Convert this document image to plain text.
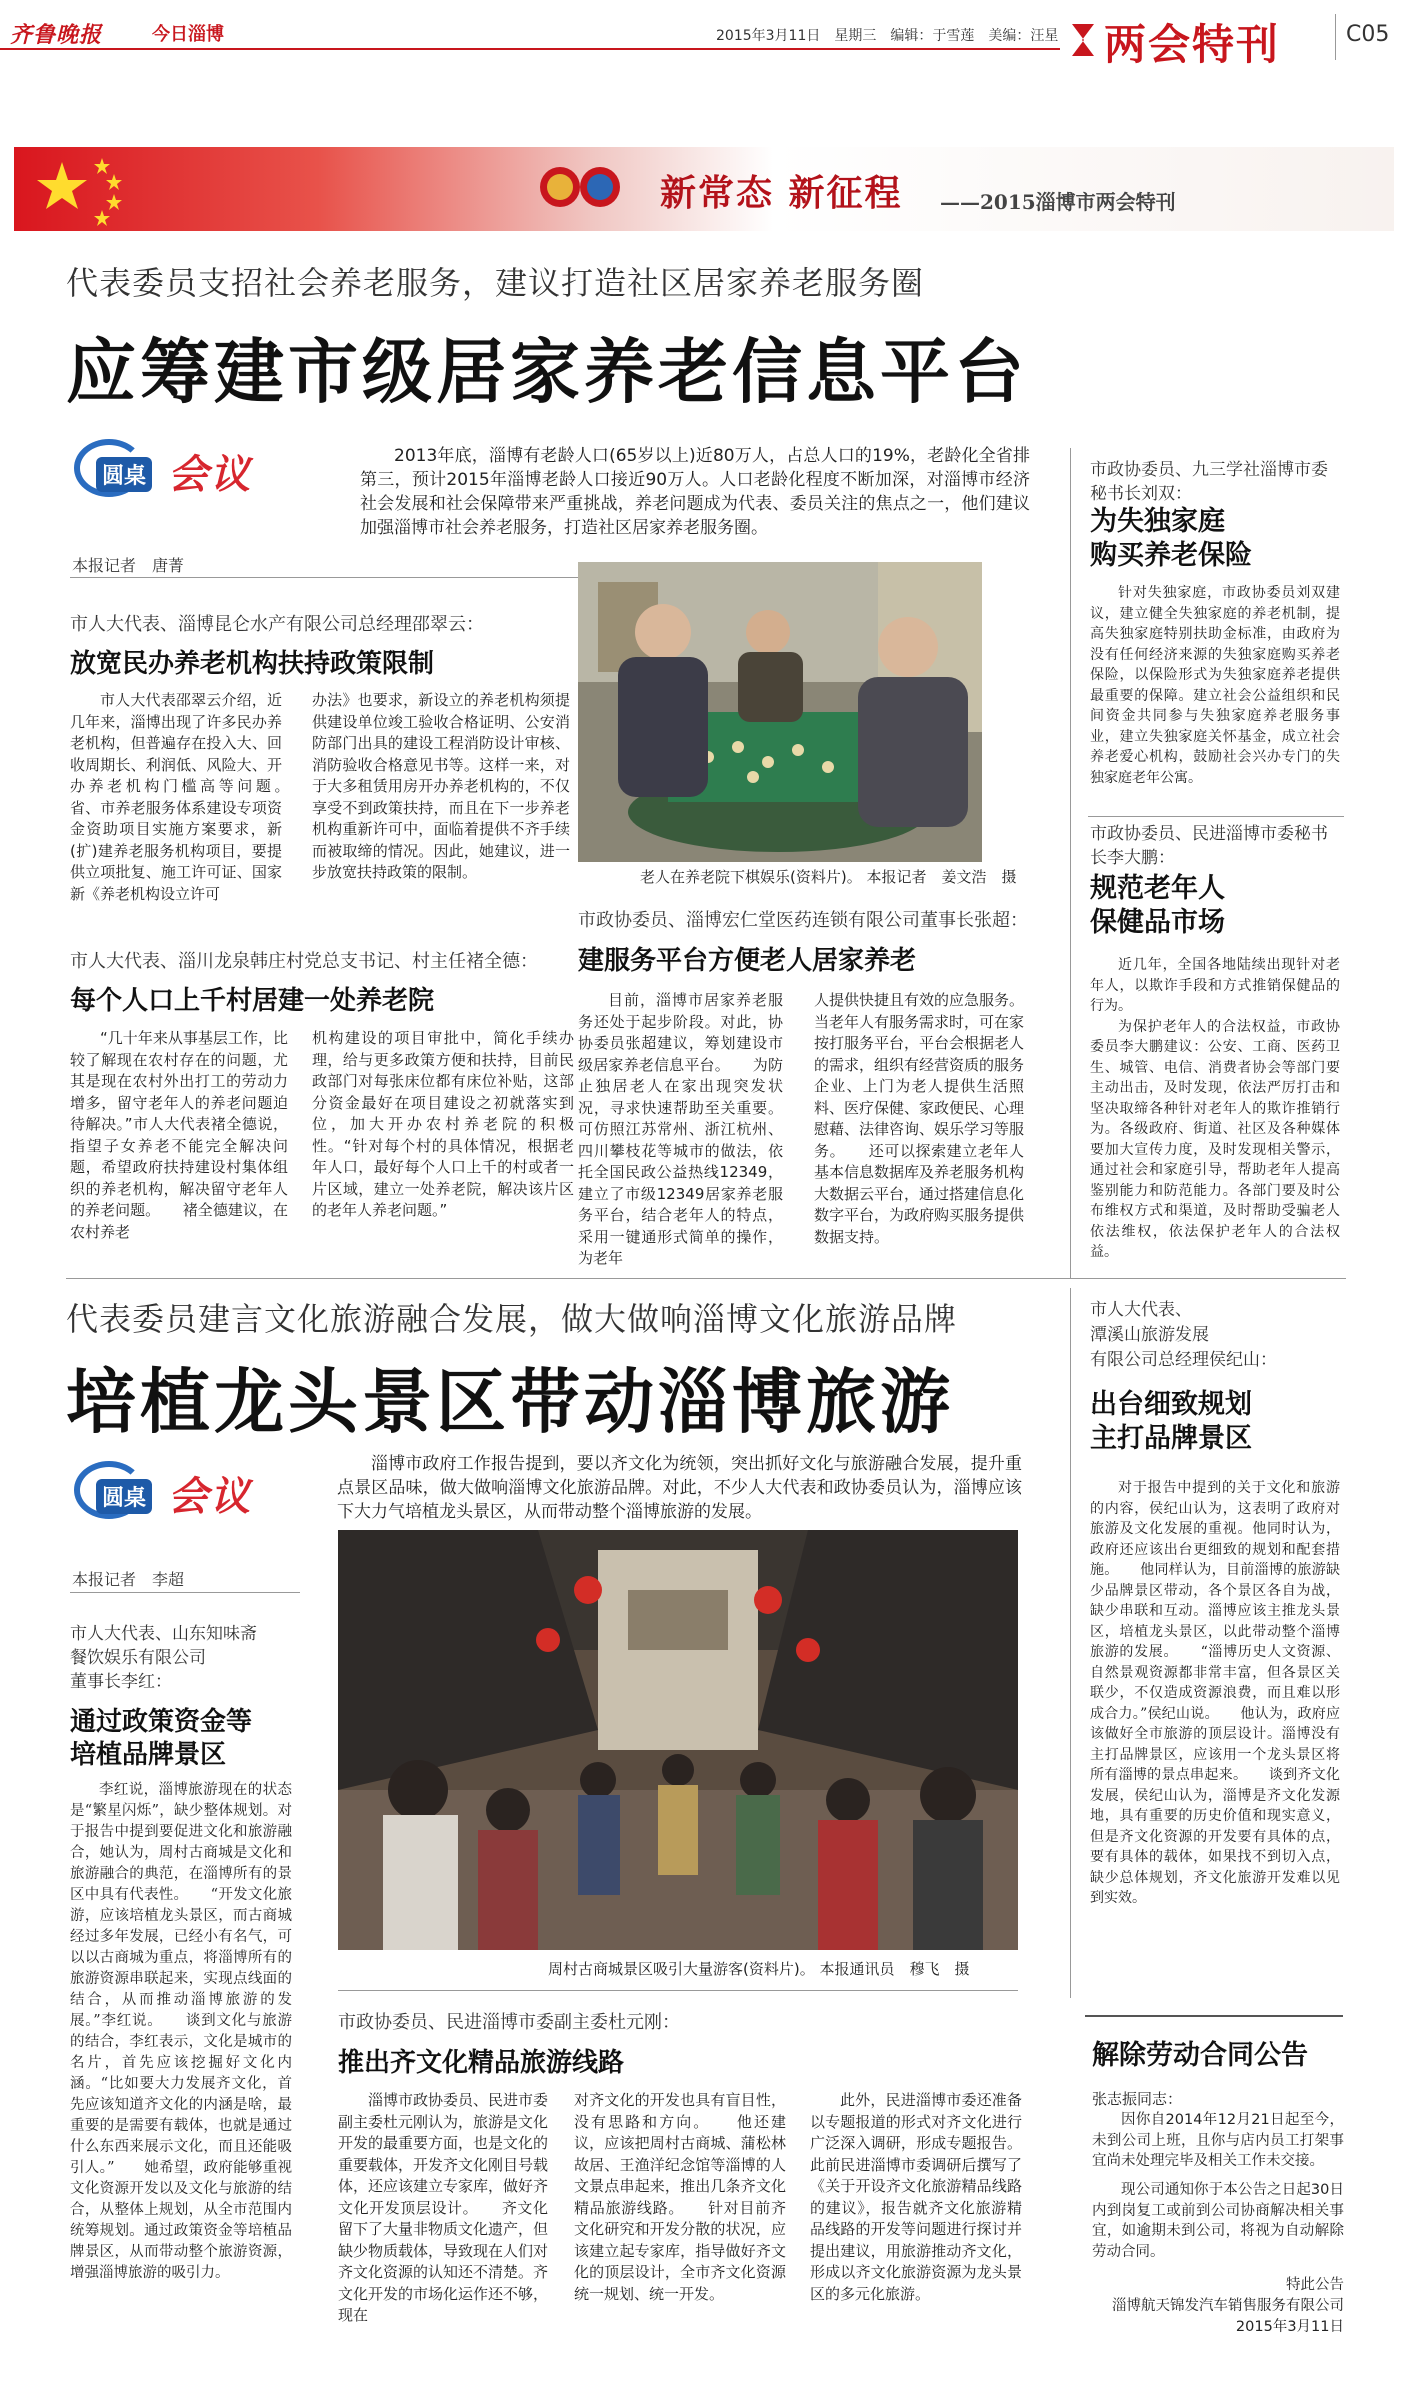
齐鲁晚报	今日淄博	2015年3月11日　星期三　编辑：于雪莲　美编：汪星 两会特刊	C05
新常态 新征程 ——2015淄博市两会特刊
代表委员支招社会养老服务，建议打造社区居家养老服务圈
应筹建市级居家养老信息平台
圆桌 会议	2013年底，淄博有老龄人口(65岁以上)近80万人，占总人口的19%，老龄化全省排第三，预计2015年淄博老龄人口接近90万人。人口老龄化程度不断加深，对淄博市经济社会发展和社会保障带来严重挑战，养老问题成为代表、委员关注的焦点之一，他们建议加强淄博市社会养老服务，打造社区居家养老服务圈。

本报记者　唐菁
市人大代表、淄博昆仑水产有限公司总经理邵翠云：
放宽民办养老机构扶持政策限制

市人大代表邵翠云介绍，近几年来，淄博出现了许多民办养老机构，但普遍存在投入大、回收周期长、利润低、风险大、开办养老机构门槛高等问题。　　省、市养老服务体系建设专项资金资助项目实施方案要求，新(扩)建养老服务机构项目，要提供立项批复、施工许可证、国家新《养老机构设立许可

办法》也要求，新设立的养老机构须提供建设单位竣工验收合格证明、公安消防部门出具的建设工程消防设计审核、消防验收合格意见书等。这样一来，对于大多租赁用房开办养老机构的，不仅享受不到政策扶持，而且在下一步养老机构重新许可中，面临着提供不齐手续而被取缔的情况。因此，她建议，进一步放宽扶持政策的限制。

市人大代表、淄川龙泉韩庄村党总支书记、村主任褚全德：
每个人口上千村居建一处养老院

“几十年来从事基层工作，比较了解现在农村存在的问题，尤其是现在农村外出打工的劳动力增多，留守老年人的养老问题迫待解决。”市人大代表褚全德说，指望子女养老不能完全解决问题，希望政府扶持建设村集体组织的养老机构，解决留守老年人的养老问题。　　褚全德建议，在农村养老

机构建设的项目审批中，简化手续办理，给与更多政策方便和扶持，目前民政部门对每张床位都有床位补贴，这部分资金最好在项目建设之初就落实到位，加大开办农村养老院的积极性。“针对每个村的具体情况，根据老年人口，最好每个人口上千的村或者一片区域，建立一处养老院，解决该片区的老年人养老问题。”

老人在养老院下棋娱乐(资料片)。 本报记者　姜文浩　摄
市政协委员、淄博宏仁堂医药连锁有限公司董事长张超：
建服务平台方便老人居家养老

目前，淄博市居家养老服务还处于起步阶段。对此，协协委员张超建议，筹划建设市级居家养老信息平台。　　为防止独居老人在家出现突发状况，寻求快速帮助至关重要。可仿照江苏常州、浙江杭州、四川攀枝花等城市的做法，依托全国民政公益热线12349，建立了市级12349居家养老服务平台，结合老年人的特点，采用一键通形式简单的操作，为老年

人提供快捷且有效的应急服务。当老年人有服务需求时，可在家按打服务平台，平台会根据老人的需求，组织有经营资质的服务企业、上门为老人提供生活照料、医疗保健、家政便民、心理慰藉、法律咨询、娱乐学习等服务。　　还可以探索建立老年人基本信息数据库及养老服务机构大数据云平台，通过搭建信息化数字平台，为政府购买服务提供数据支持。

市政协委员、九三学社淄博市委秘书长刘双：
为失独家庭
购买养老保险

针对失独家庭，市政协委员刘双建议，建立健全失独家庭的养老机制，提高失独家庭特别扶助金标准，由政府为没有任何经济来源的失独家庭购买养老保险，以保险形式为失独家庭养老提供最重要的保障。建立社会公益组织和民间资金共同参与失独家庭养老服务事业，建立失独家庭关怀基金，成立社会养老爱心机构，鼓励社会兴办专门的失独家庭老年公寓。

市政协委员、民进淄博市委秘书长李大鹏：
规范老年人
保健品市场

近几年，全国各地陆续出现针对老年人，以欺诈手段和方式推销保健品的行为。

为保护老年人的合法权益，市政协委员李大鹏建议：公安、工商、医药卫生、城管、电信、消费者协会等部门要主动出击，及时发现，依法严厉打击和坚决取缔各种针对老年人的欺诈推销行为。各级政府、街道、社区及各种媒体要加大宣传力度，及时发现相关警示，通过社会和家庭引导，帮助老年人提高鉴别能力和防范能力。各部门要及时公布维权方式和渠道，及时帮助受骗老人依法维权，依法保护老年人的合法权益。

代表委员建言文化旅游融合发展，做大做响淄博文化旅游品牌
培植龙头景区带动淄博旅游
圆桌 会议

淄博市政府工作报告提到，要以齐文化为统领，突出抓好文化与旅游融合发展，提升重点景区品味，做大做响淄博文化旅游品牌。对此，不少人大代表和政协委员认为，淄博应该下大力气培植龙头景区，从而带动整个淄博旅游的发展。

本报记者　李超
市人大代表、山东知味斋
餐饮娱乐有限公司
董事长李红：
通过政策资金等
培植品牌景区

李红说，淄博旅游现在的状态是“繁星闪烁”，缺少整体规划。对于报告中提到要促进文化和旅游融合，她认为，周村古商城是文化和旅游融合的典范，在淄博所有的景区中具有代表性。　　“开发文化旅游，应该培植龙头景区，而古商城经过多年发展，已经小有名气，可以以古商城为重点，将淄博所有的旅游资源串联起来，实现点线面的结合，从而推动淄博旅游的发展。”李红说。　　谈到文化与旅游的结合，李红表示，文化是城市的名片，首先应该挖掘好文化内涵。“比如要大力发展齐文化，首先应该知道齐文化的内涵是啥，最重要的是需要有载体，也就是通过什么东西来展示文化，而且还能吸引人。”　　她希望，政府能够重视文化资源开发以及文化与旅游的结合，从整体上规划，从全市范围内统筹规划。通过政策资金等培植品牌景区，从而带动整个旅游资源，增强淄博旅游的吸引力。

周村古商城景区吸引大量游客(资料片)。 本报通讯员　穆飞　摄
市政协委员、民进淄博市委副主委杜元刚：
推出齐文化精品旅游线路

淄博市政协委员、民进市委副主委杜元刚认为，旅游是文化开发的最重要方面，也是文化的重要载体，开发齐文化刚目号载体，还应该建立专家库，做好齐文化开发顶层设计。　　齐文化留下了大量非物质文化遗产，但缺少物质载体，导致现在人们对齐文化资源的认知还不清楚。齐文化开发的市场化运作还不够，现在

对齐文化的开发也具有盲目性，没有思路和方向。　　他还建议，应该把周村古商城、蒲松林故居、王渔洋纪念馆等淄博的人文景点串起来，推出几条齐文化精品旅游线路。　　针对目前齐文化研究和开发分散的状况，应该建立起专家库，指导做好齐文化的顶层设计，全市齐文化资源统一规划、统一开发。

此外，民进淄博市委还准备以专题报道的形式对齐文化进行广泛深入调研，形成专题报告。此前民进淄博市委调研后撰写了《关于开设齐文化旅游精品线路的建议》，报告就齐文化旅游精品线路的开发等问题进行探讨并提出建议，用旅游推动齐文化，形成以齐文化旅游资源为龙头景区的多元化旅游。

市人大代表、
潭溪山旅游发展
有限公司总经理侯纪山：
出台细致规划
主打品牌景区

对于报告中提到的关于文化和旅游的内容，侯纪山认为，这表明了政府对旅游及文化发展的重视。他同时认为，政府还应该出台更细致的规划和配套措施。　　他同样认为，目前淄博的旅游缺少品牌景区带动，各个景区各自为战，缺少串联和互动。淄博应该主推龙头景区，培植龙头景区，以此带动整个淄博旅游的发展。　　“淄博历史人文资源、自然景观资源都非常丰富，但各景区关联少，不仅造成资源浪费，而且难以形成合力。”侯纪山说。　　他认为，政府应该做好全市旅游的顶层设计。淄博没有主打品牌景区，应该用一个龙头景区将所有淄博的景点串起来。　　谈到齐文化发展，侯纪山认为，淄博是齐文化发源地，具有重要的历史价值和现实意义，但是齐文化资源的开发要有具体的点，要有具体的载体，如果找不到切入点，缺少总体规划，齐文化旅游开发难以见到实效。

解除劳动合同公告
张志振同志：

因你自2014年12月21日起至今，未到公司上班，且你与店内员工打架事宜尚未处理完毕及相关工作未交接。

现公司通知你于本公告之日起30日内到岗复工或前到公司协商解决相关事宜，如逾期未到公司，将视为自动解除劳动合同。

特此公告
淄博航天锦发汽车销售服务有限公司
2015年3月11日
